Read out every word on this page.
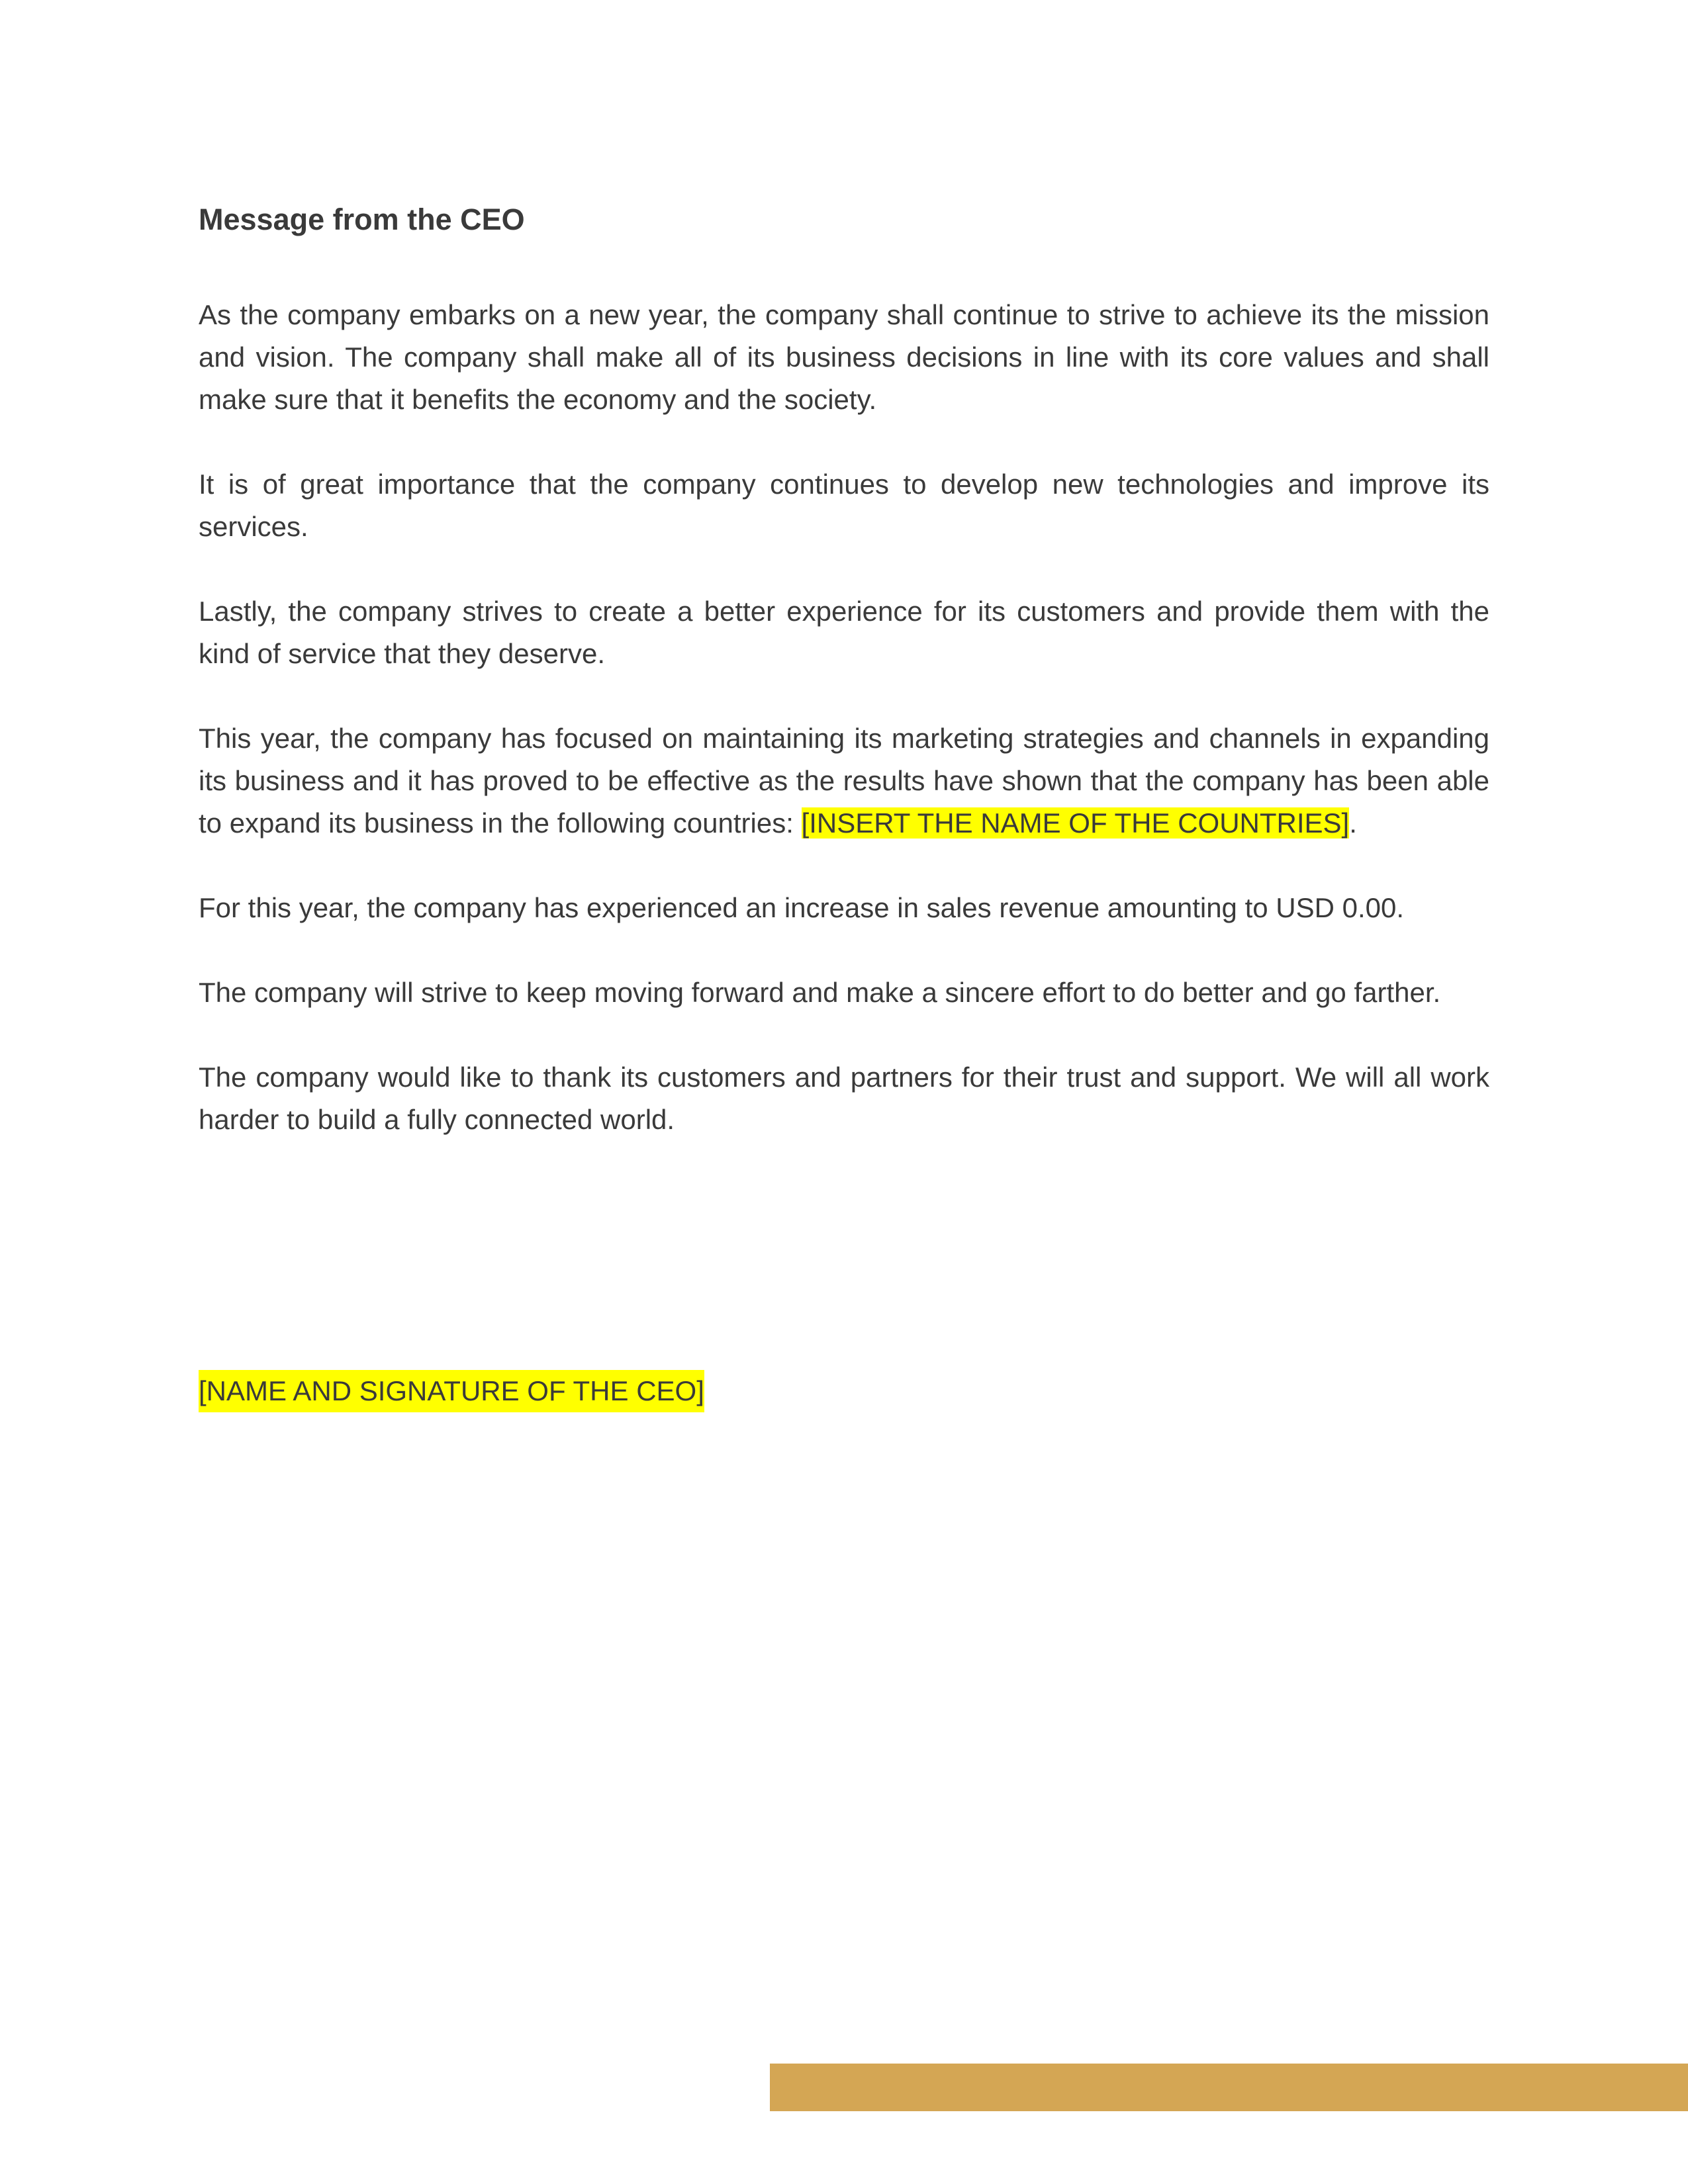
Message from the CEO

As the company embarks on a new year, the company shall continue to strive to achieve its the mission and vision. The company shall make all of its business decisions in line with its core values and shall make sure that it benefits the economy and the society.

It is of great importance that the company continues to develop new technologies and improve its services.

Lastly, the company strives to create a better experience for its customers and provide them with the kind of service that they deserve.

This year, the company has focused on maintaining its marketing strategies and channels in expanding its business and it has proved to be effective as the results have shown that the company has been able to expand its business in the following countries: [INSERT THE NAME OF THE COUNTRIES].

For this year, the company has experienced an increase in sales revenue amounting to USD 0.00.

The company will strive to keep moving forward and make a sincere effort to do better and go farther.

The company would like to thank its customers and partners for their trust and support. We will all work harder to build a fully connected world.

[NAME AND SIGNATURE OF THE CEO]
